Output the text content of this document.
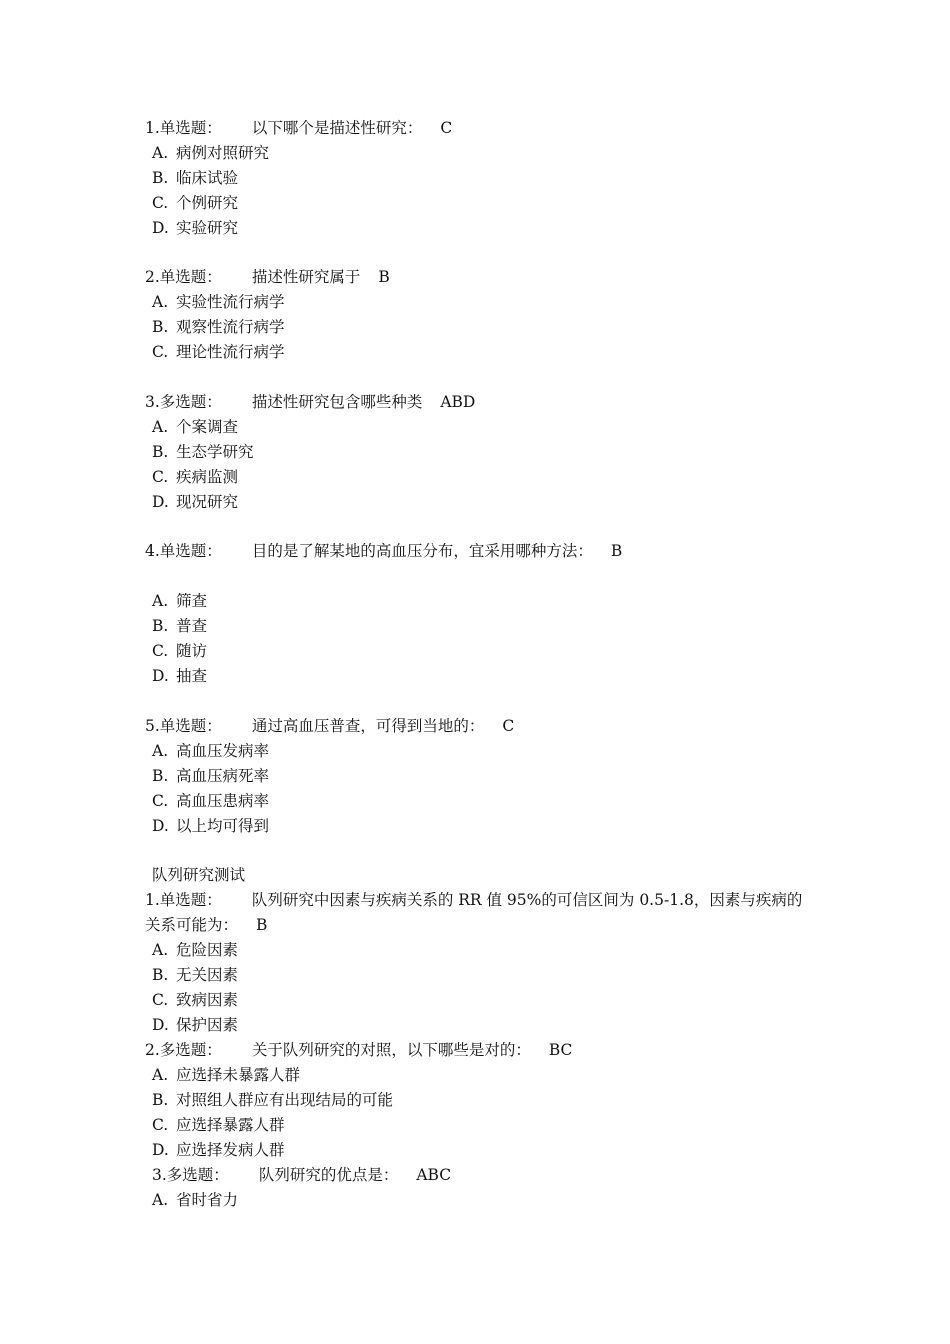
1.单选题： 以下哪个是描述性研究： C
A. 病例对照研究
B. 临床试验
C. 个例研究
D. 实验研究
2.单选题： 描述性研究属于 B
A. 实验性流行病学
B. 观察性流行病学
C. 理论性流行病学
3.多选题： 描述性研究包含哪些种类 ABD
A. 个案调查
B. 生态学研究
C. 疾病监测
D. 现况研究
4.单选题： 目的是了解某地的高血压分布，宜采用哪种方法： B
A. 筛查
B. 普查
C. 随访
D. 抽查
5.单选题： 通过高血压普查，可得到当地的： C
A. 高血压发病率
B. 高血压病死率
C. 高血压患病率
D. 以上均可得到
队列研究测试
1.单选题： 队列研究中因素与疾病关系的 RR 值 95%的可信区间为 0.5-1.8，因素与疾病的
关系可能为： B
A. 危险因素
B. 无关因素
C. 致病因素
D. 保护因素
2.多选题： 关于队列研究的对照，以下哪些是对的： BC
A. 应选择未暴露人群
B. 对照组人群应有出现结局的可能
C. 应选择暴露人群
D. 应选择发病人群
3.多选题： 队列研究的优点是： ABC
A. 省时省力
